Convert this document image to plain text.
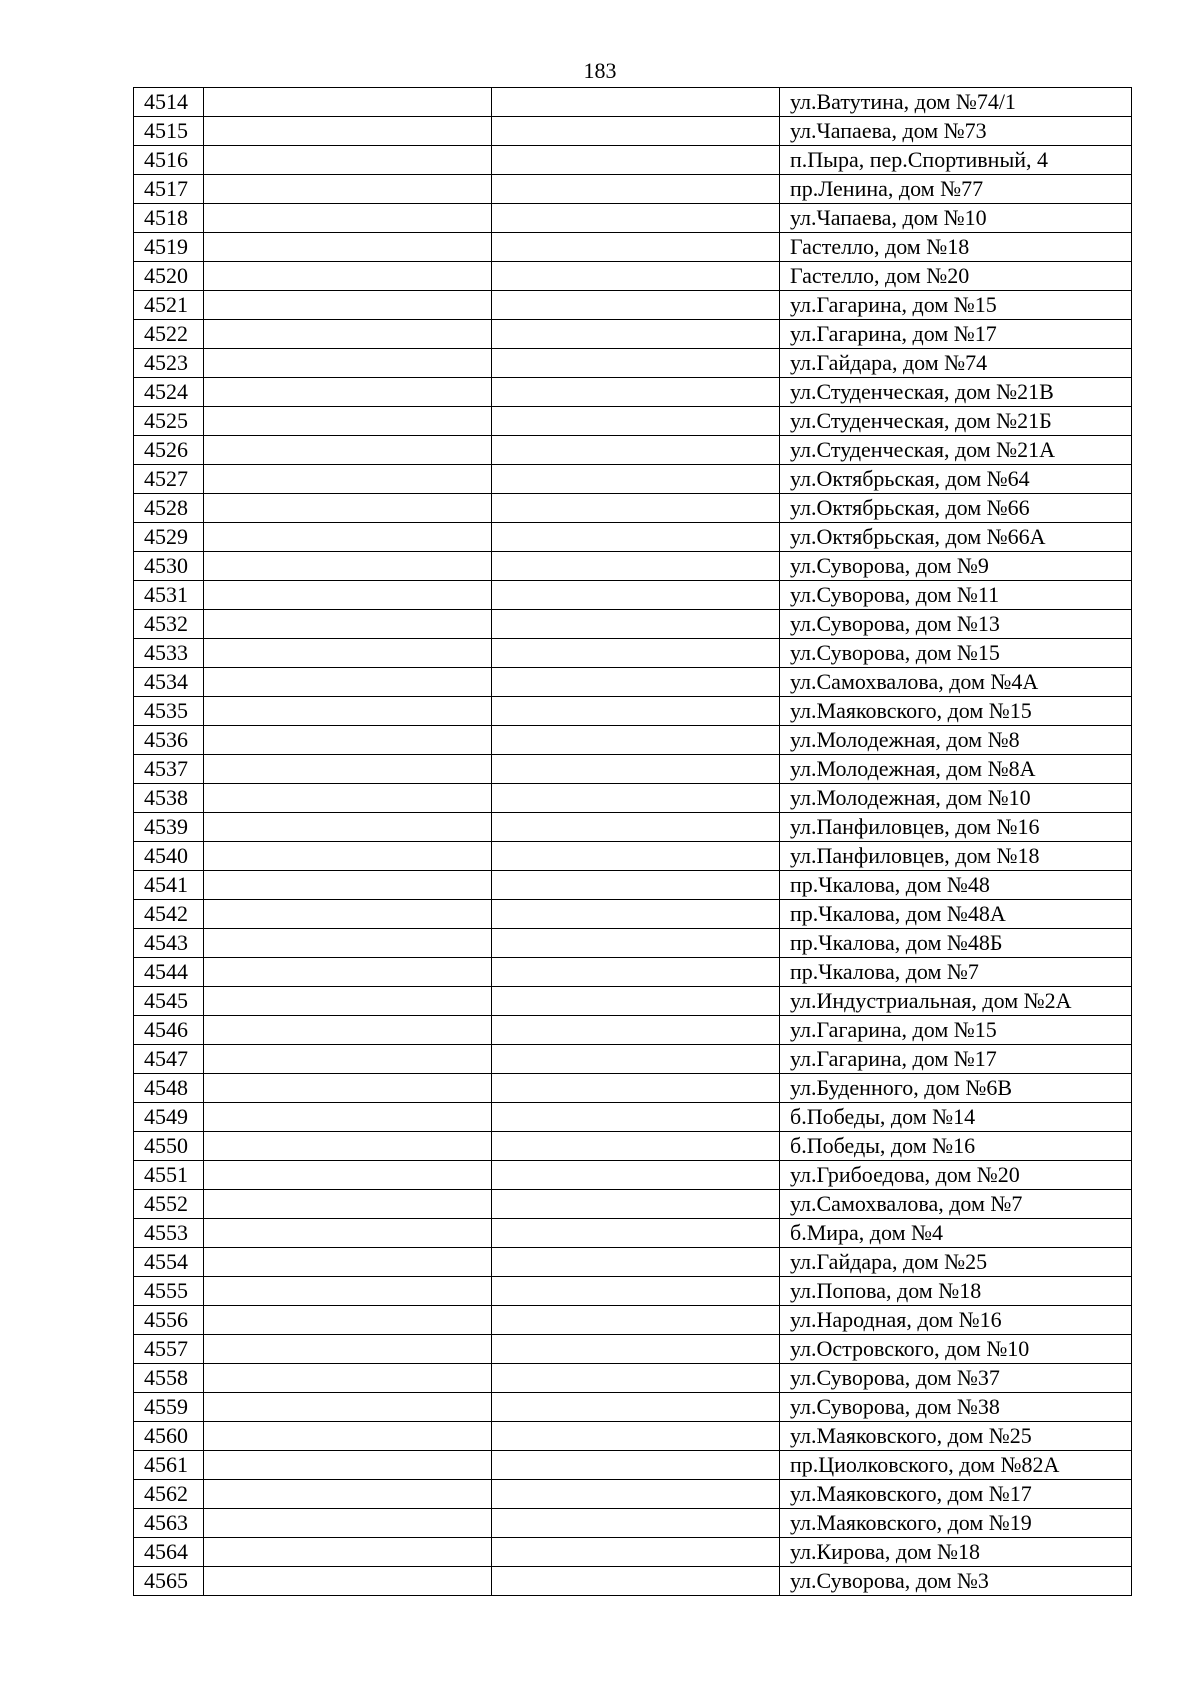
183
4514			ул.Ватутина, дом №74/1
4515			ул.Чапаева, дом №73
4516			п.Пыра, пер.Спортивный, 4
4517			пр.Ленина, дом №77
4518			ул.Чапаева, дом №10
4519			Гастелло, дом №18
4520			Гастелло, дом №20
4521			ул.Гагарина, дом №15
4522			ул.Гагарина, дом №17
4523			ул.Гайдара, дом №74
4524			ул.Студенческая, дом №21В
4525			ул.Студенческая, дом №21Б
4526			ул.Студенческая, дом №21А
4527			ул.Октябрьская, дом №64
4528			ул.Октябрьская, дом №66
4529			ул.Октябрьская, дом №66А
4530			ул.Суворова, дом №9
4531			ул.Суворова, дом №11
4532			ул.Суворова, дом №13
4533			ул.Суворова, дом №15
4534			ул.Самохвалова, дом №4А
4535			ул.Маяковского, дом №15
4536			ул.Молодежная, дом №8
4537			ул.Молодежная, дом №8А
4538			ул.Молодежная, дом №10
4539			ул.Панфиловцев, дом №16
4540			ул.Панфиловцев, дом №18
4541			пр.Чкалова, дом №48
4542			пр.Чкалова, дом №48А
4543			пр.Чкалова, дом №48Б
4544			пр.Чкалова, дом №7
4545			ул.Индустриальная, дом №2А
4546			ул.Гагарина, дом №15
4547			ул.Гагарина, дом №17
4548			ул.Буденного, дом №6В
4549			б.Победы, дом №14
4550			б.Победы, дом №16
4551			ул.Грибоедова, дом №20
4552			ул.Самохвалова, дом №7
4553			б.Мира, дом №4
4554			ул.Гайдара, дом №25
4555			ул.Попова, дом №18
4556			ул.Народная, дом №16
4557			ул.Островского, дом №10
4558			ул.Суворова, дом №37
4559			ул.Суворова, дом №38
4560			ул.Маяковского, дом №25
4561			пр.Циолковского, дом №82А
4562			ул.Маяковского, дом №17
4563			ул.Маяковского, дом №19
4564			ул.Кирова, дом №18
4565			ул.Суворова, дом №3
